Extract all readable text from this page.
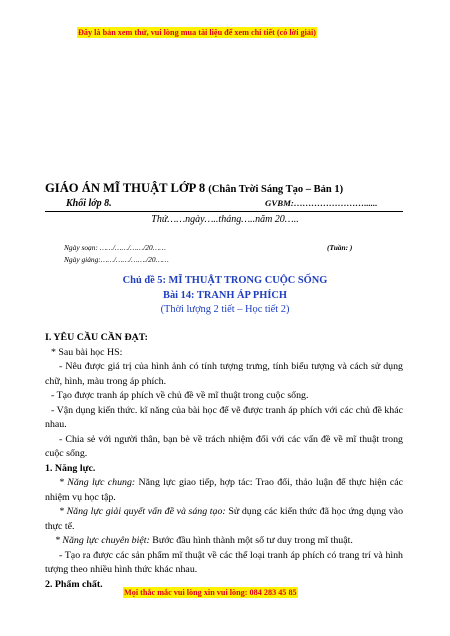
Đây là bản xem thử, vui lòng mua tài liệu để xem chi tiết (có lời giải)
GIÁO ÁN MĨ THUẬT LỚP 8 (Chân Trời Sáng Tạo – Bản 1)
Khối lớp 8.	GVBM:……………………......
Thứ……ngày…..tháng…..năm 20…..
Ngày soạn: ……/……/……/20……	(Tuần: )
Ngày giảng:……/……/……./20……
Chủ đề 5: MĨ THUẬT TRONG CUỘC SỐNG
Bài 14: TRANH ÁP PHÍCH
(Thời lượng 2 tiết – Học tiết 2)

I. YÊU CẦU CẦN ĐẠT:

* Sau bài học HS:

- Nêu được giá trị của hình ảnh có tính tượng trưng, tính biểu tượng và cách sử dụng chữ, hình, màu trong áp phích.

- Tạo được tranh áp phích về chủ đề về mĩ thuật trong cuộc sống.

- Vận dụng kiến thức. kĩ năng của bài học để vẽ được tranh áp phích với các chủ đề khác nhau.

- Chia sẻ với người thân, bạn bè về trách nhiệm đối với các vấn đề về mĩ thuật trong cuộc sống.

1. Năng lực.

* Năng lực chung: Năng lực giao tiếp, hợp tác: Trao đổi, thảo luận để thực hiện các nhiệm vụ học tập.

* Năng lực giải quyết vấn đề và sáng tạo: Sử dụng các kiến thức đã học ứng dụng vào thực tế.

* Năng lực chuyên biệt: Bước đầu hình thành một số tư duy trong mĩ thuật.

- Tạo ra được các sản phẩm mĩ thuật về các thể loại tranh áp phích có trang trí và hình tượng theo nhiều hình thức khác nhau.

2. Phẩm chất.

Mọi thắc mắc vui lòng xin vui lòng: 084 283 45 85
